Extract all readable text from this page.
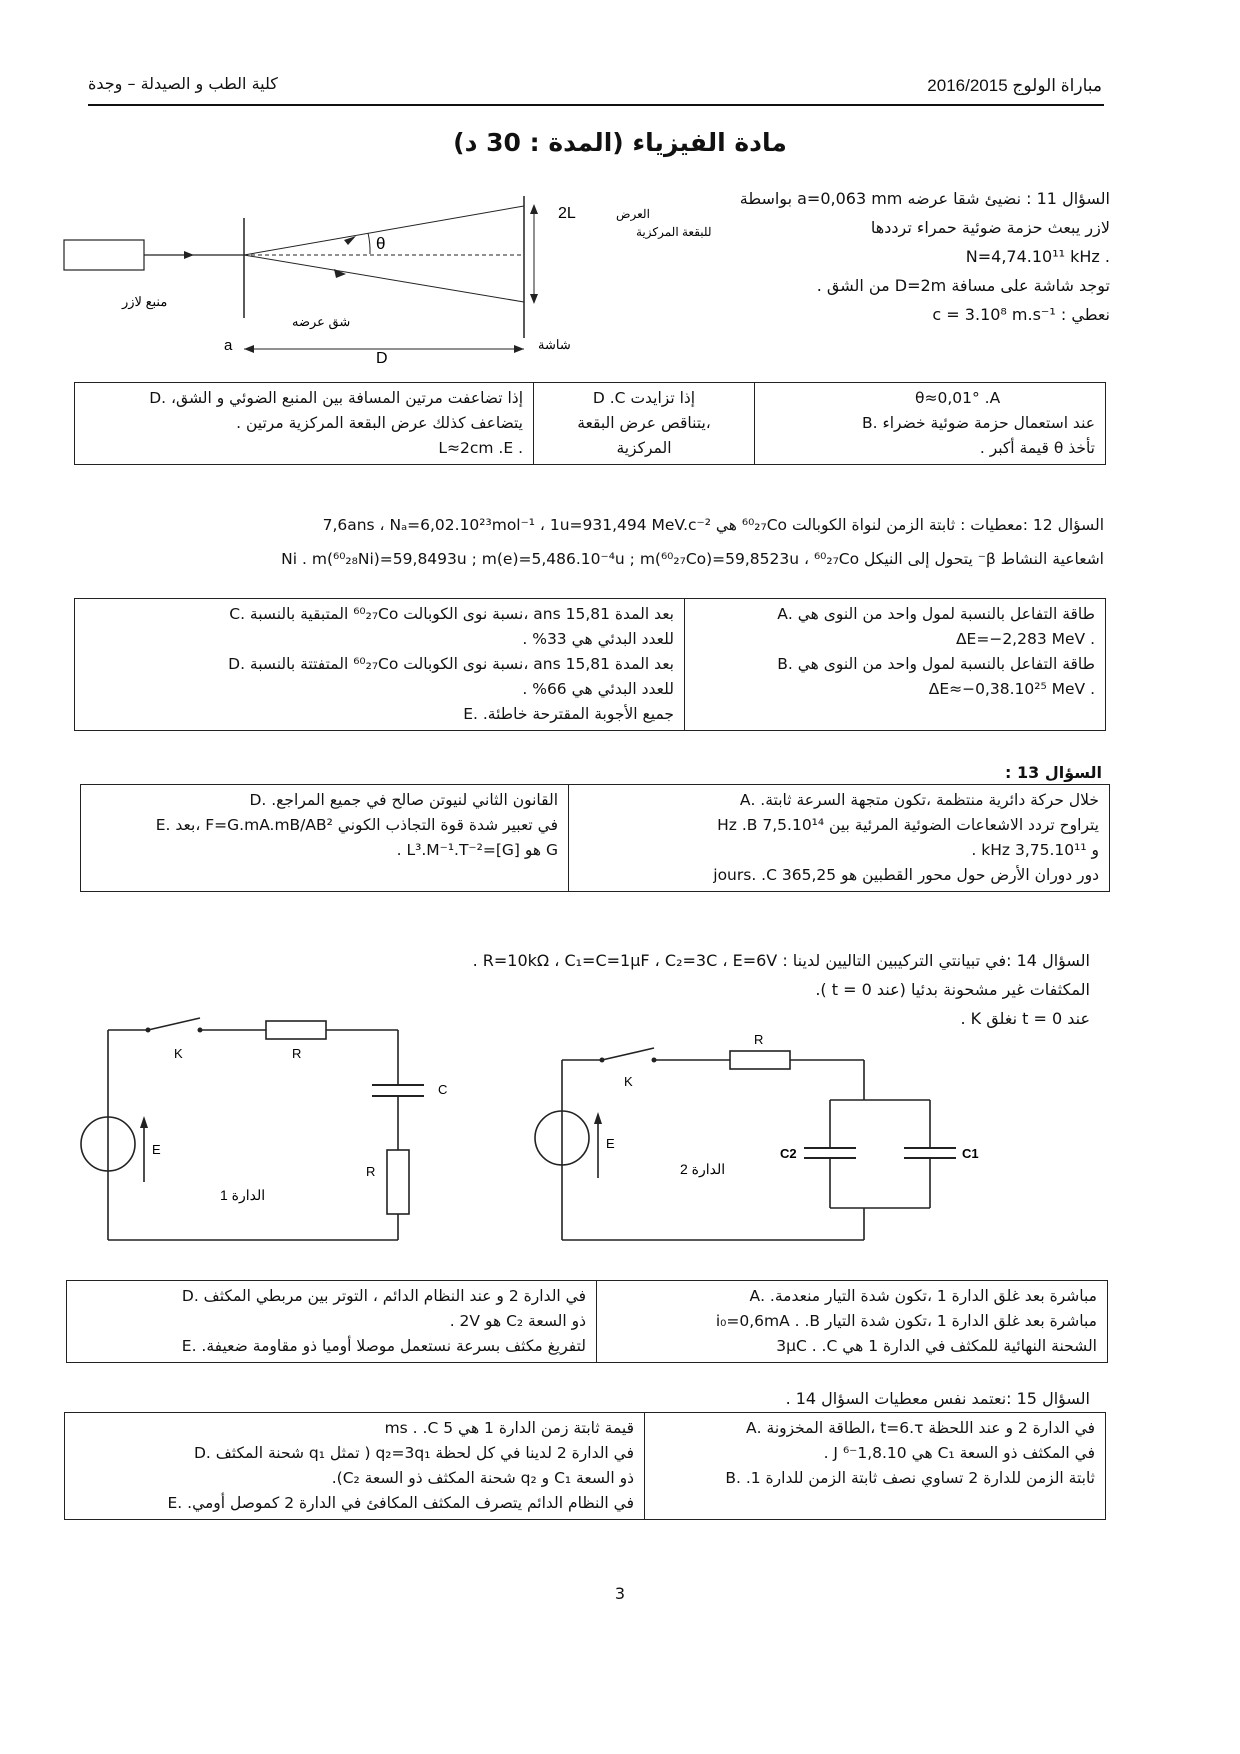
كلية الطب و الصيدلة – وجدة	مباراة الولوج 2016/2015
مادة الفيزياء (المدة : 30 د)
السؤال 11 : نضيئ شقا عرضه a=0,063 mm بواسطة
لازر يبعث حزمة ضوئية حمراء ترددها
. N=4,74.10¹¹ kHz
توجد شاشة على مسافة D=2m من الشق .
نعطي : c = 3.10⁸ m.s⁻¹
θ
2L	العرض
للبقعة المركزية
منبع لازر
شق عرضه
a
D
شاشة
θ≈0,01° .A
عند استعمال حزمة ضوئية خضراء .B
تأخذ θ قيمة أكبر .

إذا تزايدت D .C
،يتناقص عرض البقعة
المركزية

إذا تضاعفت مرتين المسافة بين المنبع الضوئي و الشق، .D
يتضاعف كذلك عرض البقعة المركزية مرتين .
. L≈2cm .E
السؤال 12 :معطيات : ثابتة الزمن لنواة الكوبالت ⁶⁰₂₇Co هي 7,6ans ، Nₐ=6,02.10²³mol⁻¹ ، 1u=931,494 MeV.c⁻²
اشعاعية النشاط β⁻ يتحول إلى النيكل Ni . m(⁶⁰₂₈Ni)=59,8493u ; m(e)=5,486.10⁻⁴u ; m(⁶⁰₂₇Co)=59,8523u ، ⁶⁰₂₇Co
طاقة التفاعل بالنسبة لمول واحد من النوى هي .A
. ΔE=−2,283 MeV
طاقة التفاعل بالنسبة لمول واحد من النوى هي .B
. ΔE≈−0,38.10²⁵ MeV

بعد المدة 15,81 ans ،نسبة نوى الكوبالت ⁶⁰₂₇Co المتبقية بالنسبة .C
للعدد البدئي هي 33% .
بعد المدة 15,81 ans ،نسبة نوى الكوبالت ⁶⁰₂₇Co المتفتتة بالنسبة .D
للعدد البدئي هي 66% .
جميع الأجوبة المقترحة خاطئة. .E
السؤال 13 :
خلال حركة دائرية منتظمة ،تكون متجهة السرعة ثابتة. .A
يتراوح تردد الاشعاعات الضوئية المرئية بين 7,5.10¹⁴ Hz .B
و 3,75.10¹¹ kHz .
دور دوران الأرض حول محور القطبين هو 365,25 jours. .C

القانون الثاني لنيوتن صالح في جميع المراجع. .D
في تعبير شدة قوة التجاذب الكوني F=G.mA.mB/AB² ،بعد .E
G هو [G]=L³.M⁻¹.T⁻² .
السؤال 14 :في تبيانتي التركيبين التاليين لدينا : R=10kΩ ، C₁=C=1μF ، C₂=3C ، E=6V .
المكثفات غير مشحونة بدئيا (عند t = 0 ).
عند t = 0 نغلق K .
K	R
C
R
E
الدارة 1
K
R
C2	C1
E
الدارة 2
مباشرة بعد غلق الدارة 1 ،تكون شدة التيار منعدمة. .A
مباشرة بعد غلق الدارة 1 ،تكون شدة التيار i₀=0,6mA . .B
الشحنة النهائية للمكثف في الدارة 1 هي 3μC . .C

في الدارة 2 و عند النظام الدائم ، التوتر بين مربطي المكثف .D
ذو السعة C₂ هو 2V .
لتفريغ مكثف بسرعة نستعمل موصلا أوميا ذو مقاومة ضعيفة. .E
السؤال 15 :نعتمد نفس معطيات السؤال 14 .
في الدارة 2 و عند اللحظة t=6.τ ،الطاقة المخزونة .A
في المكثف ذو السعة C₁ هي 1,8.10⁻⁶ J .
ثابتة الزمن للدارة 2 تساوي نصف ثابتة الزمن للدارة 1. .B

قيمة ثابتة زمن الدارة 1 هي 5 ms . .C
في الدارة 2 لدينا في كل لحظة q₂=3q₁ ( تمثل q₁ شحنة المكثف .D
ذو السعة C₁ و q₂ شحنة المكثف ذو السعة C₂).
في النظام الدائم يتصرف المكثف المكافئ في الدارة 2 كموصل أومي. .E
3
